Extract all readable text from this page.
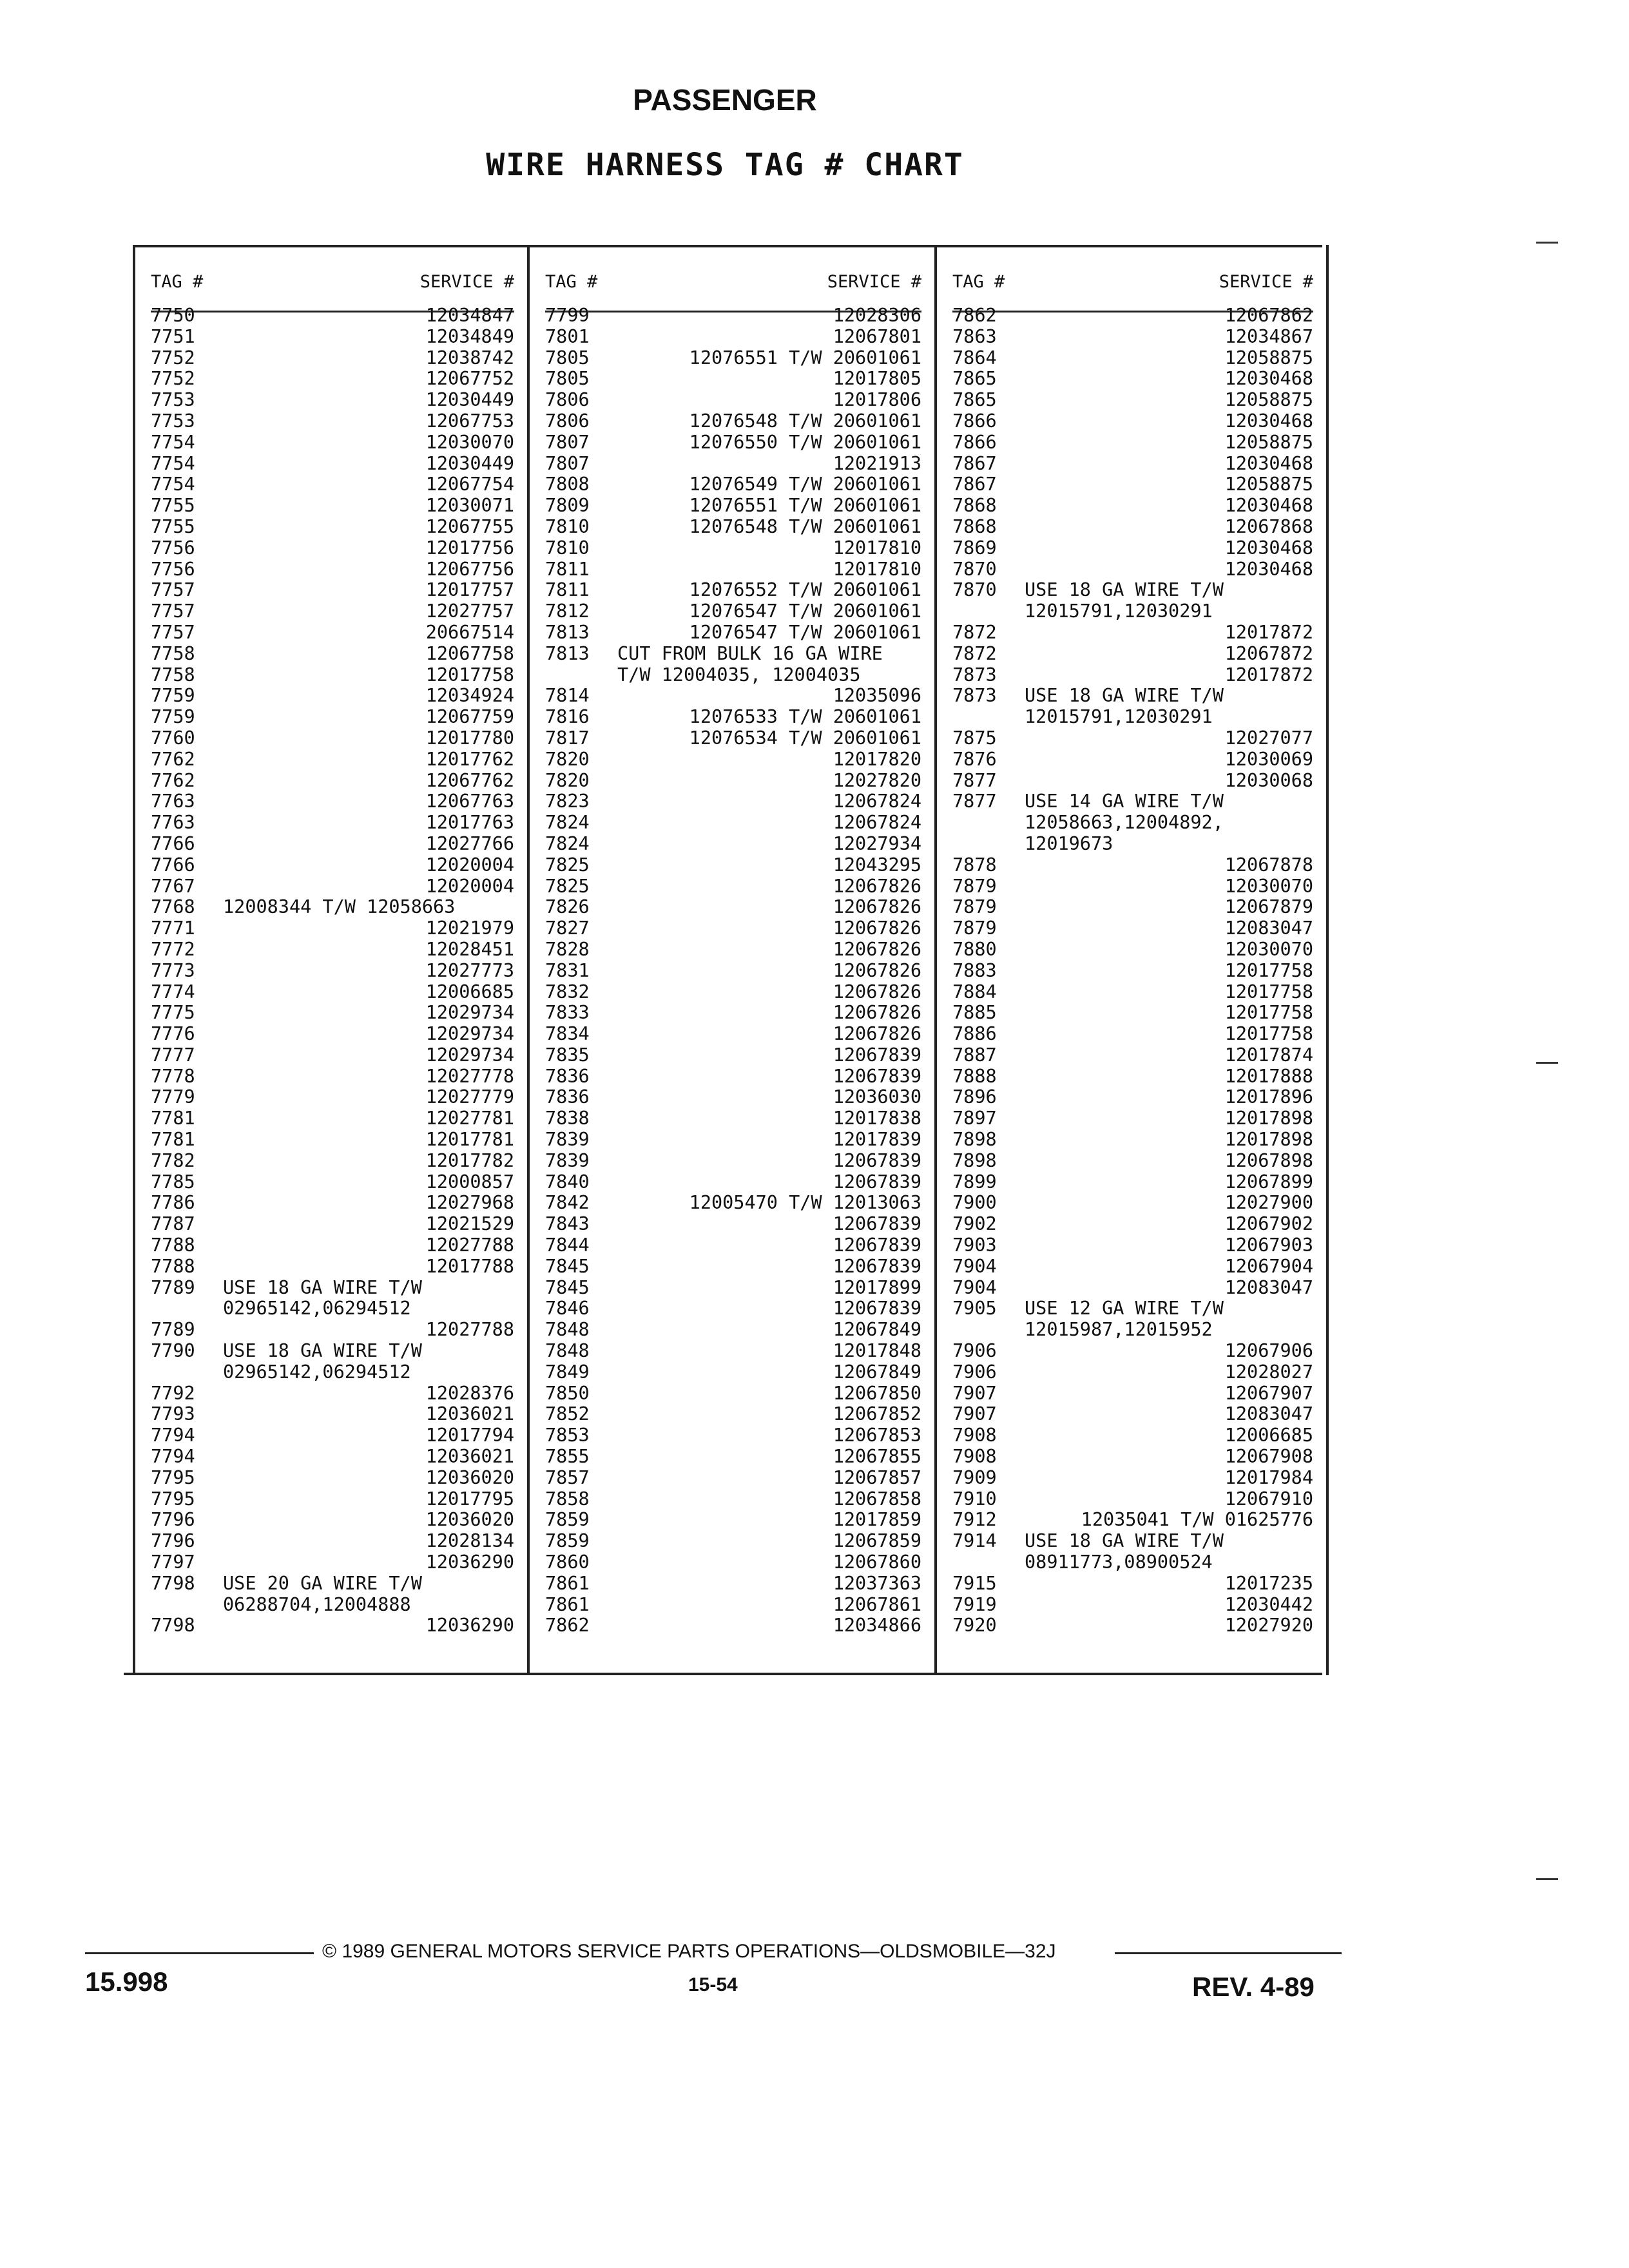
PASSENGER
WIRE HARNESS TAG # CHART
TAG #	SERVICE #
7750	12034847
7751	12034849
7752	12038742
7752	12067752
7753	12030449
7753	12067753
7754	12030070
7754	12030449
7754	12067754
7755	12030071
7755	12067755
7756	12017756
7756	12067756
7757	12017757
7757	12027757
7757	20667514
7758	12067758
7758	12017758
7759	12034924
7759	12067759
7760	12017780
7762	12017762
7762	12067762
7763	12067763
7763	12017763
7766	12027766
7766	12020004
7767	12020004
7768 12008344 T/W 12058663
7771	12021979
7772	12028451
7773	12027773
7774	12006685
7775	12029734
7776	12029734
7777	12029734
7778	12027778
7779	12027779
7781	12027781
7781	12017781
7782	12017782
7785	12000857
7786	12027968
7787	12021529
7788	12027788
7788	12017788
7789 USE 18 GA WIRE T/W
02965142,06294512
7789	12027788
7790 USE 18 GA WIRE T/W
02965142,06294512
7792	12028376
7793	12036021
7794	12017794
7794	12036021
7795	12036020
7795	12017795
7796	12036020
7796	12028134
7797	12036290
7798 USE 20 GA WIRE T/W
06288704,12004888
7798	12036290
TAG #	SERVICE #
7799	12028306
7801	12067801
7805	12076551 T/W 20601061
7805	12017805
7806	12017806
7806	12076548 T/W 20601061
7807	12076550 T/W 20601061
7807	12021913
7808	12076549 T/W 20601061
7809	12076551 T/W 20601061
7810	12076548 T/W 20601061
7810	12017810
7811	12017810
7811	12076552 T/W 20601061
7812	12076547 T/W 20601061
7813	12076547 T/W 20601061
7813 CUT FROM BULK 16 GA WIRE
T/W 12004035, 12004035
7814	12035096
7816	12076533 T/W 20601061
7817	12076534 T/W 20601061
7820	12017820
7820	12027820
7823	12067824
7824	12067824
7824	12027934
7825	12043295
7825	12067826
7826	12067826
7827	12067826
7828	12067826
7831	12067826
7832	12067826
7833	12067826
7834	12067826
7835	12067839
7836	12067839
7836	12036030
7838	12017838
7839	12017839
7839	12067839
7840	12067839
7842	12005470 T/W 12013063
7843	12067839
7844	12067839
7845	12067839
7845	12017899
7846	12067839
7848	12067849
7848	12017848
7849	12067849
7850	12067850
7852	12067852
7853	12067853
7855	12067855
7857	12067857
7858	12067858
7859	12017859
7859	12067859
7860	12067860
7861	12037363
7861	12067861
7862	12034866
TAG #	SERVICE #
7862	12067862
7863	12034867
7864	12058875
7865	12030468
7865	12058875
7866	12030468
7866	12058875
7867	12030468
7867	12058875
7868	12030468
7868	12067868
7869	12030468
7870	12030468
7870 USE 18 GA WIRE T/W
12015791,12030291
7872	12017872
7872	12067872
7873	12017872
7873 USE 18 GA WIRE T/W
12015791,12030291
7875	12027077
7876	12030069
7877	12030068
7877 USE 14 GA WIRE T/W
12058663,12004892,
12019673
7878	12067878
7879	12030070
7879	12067879
7879	12083047
7880	12030070
7883	12017758
7884	12017758
7885	12017758
7886	12017758
7887	12017874
7888	12017888
7896	12017896
7897	12017898
7898	12017898
7898	12067898
7899	12067899
7900	12027900
7902	12067902
7903	12067903
7904	12067904
7904	12083047
7905 USE 12 GA WIRE T/W
12015987,12015952
7906	12067906
7906	12028027
7907	12067907
7907	12083047
7908	12006685
7908	12067908
7909	12017984
7910	12067910
7912	12035041 T/W 01625776
7914 USE 18 GA WIRE T/W
08911773,08900524
7915	12017235
7919	12030442
7920	12027920
15.998
© 1989 GENERAL MOTORS SERVICE PARTS OPERATIONS—OLDSMOBILE—32J
15-54	REV. 4-89
